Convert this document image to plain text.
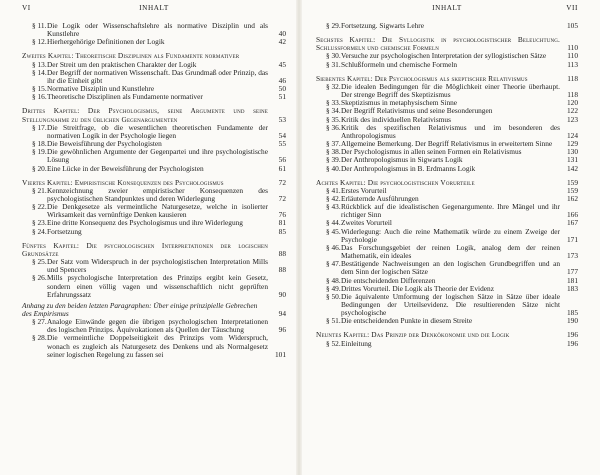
VI	INHALT
§ 11.Die Logik oder Wissenschaftslehre als normative Disziplin und als Kunstlehre	40
§ 12.Hierhergehörige Definitionen der Logik	42
Zweites Kapitel: Theoretische Disziplinen als Fundamente normativer
§ 13.Der Streit um den praktischen Charakter der Logik	45
§ 14.Der Begriff der normativen Wissenschaft. Das Grundmaß oder Prinzip, das ihr die Einheit gibt	46
§ 15.Normative Disziplin und Kunstlehre	50
§ 16.Theoretische Disziplinen als Fundamente normativer	51
Drittes Kapitel: Der Psychologismus, seine Argumente und seine Stellungnahme zu den üblichen Gegenargumenten	53
§ 17.Die Streitfrage, ob die wesentlichen theoretischen Fundamente der normativen Logik in der Psychologie liegen	54
§ 18.Die Beweisführung der Psychologisten	55
§ 19.Die gewöhnlichen Argumente der Gegenpartei und ihre psychologistische Lösung	56
§ 20.Eine Lücke in der Beweisführung der Psychologisten	61
Viertes Kapitel: Empiristische Konsequenzen des Psychologismus	72
§ 21.Kennzeichnung zweier empiristischer Konsequenzen des psychologistischen Standpunktes und deren Widerlegung	72
§ 22.Die Denkgesetze als vermeintliche Naturgesetze, welche in isolierter Wirksamkeit das vernünftige Denken kausieren	76
§ 23.Eine dritte Konsequenz des Psychologismus und ihre Widerlegung	81
§ 24.Fortsetzung	85
Fünftes Kapitel: Die psychologischen Interpretationen der logischen Grundsätze	88
§ 25.Der Satz vom Widerspruch in der psychologistischen Interpretation Mills und Spencers	88
§ 26.Mills psychologische Interpretation des Prinzips ergibt kein Gesetz, sondern einen völlig vagen und wissenschaftlich nicht geprüften Erfahrungssatz	90
Anhang zu den beiden letzten Paragraphen: Über einige prinzipielle Gebrechen des Empirismus	94
§ 27.Analoge Einwände gegen die übrigen psychologischen Interpretationen des logischen Prinzips. Äquivokationen als Quellen der Täuschung	96
§ 28.Die vermeintliche Doppelseitigkeit des Prinzips vom Widerspruch, wonach es zugleich als Naturgesetz des Denkens und als Normalgesetz seiner logischen Regelung zu fassen sei	101
INHALT	VII
§ 29.Fortsetzung. Sigwarts Lehre	105
Sechstes Kapitel: Die Syllogistik in psychologistischer Beleuchtung. Schlussformeln und chemische Formeln	110
§ 30.Versuche zur psychologischen Interpretation der syllogistischen Sätze	110
§ 31.Schlußformeln und chemische Formeln	113
Siebentes Kapitel: Der Psychologismus als skeptischer Relativismus	118
§ 32.Die idealen Bedingungen für die Möglichkeit einer Theorie überhaupt. Der strenge Begriff des Skeptizismus	118
§ 33.Skeptizismus in metaphysischem Sinne	120
§ 34.Der Begriff Relativismus und seine Besonderungen	122
§ 35.Kritik des individuellen Relativismus	123
§ 36.Kritik des spezifischen Relativismus und im besonderen des Anthropologismus	124
§ 37.Allgemeine Bemerkung. Der Begriff Relativismus in erweitertem Sinne	129
§ 38.Der Psychologismus in allen seinen Formen ein Relativismus	130
§ 39.Der Anthropologismus in Sigwarts Logik	131
§ 40.Der Anthropologismus in B. Erdmanns Logik	142
Achtes Kapitel: Die psychologistischen Vorurteile	159
§ 41.Erstes Vorurteil	159
§ 42.Erläuternde Ausführungen	162
§ 43.Rückblick auf die idealistischen Gegenargumente. Ihre Mängel und ihr richtiger Sinn	166
§ 44.Zweites Vorurteil	167
§ 45.Widerlegung: Auch die reine Mathematik würde zu einem Zweige der Psychologie	171
§ 46.Das Forschungsgebiet der reinen Logik, analog dem der reinen Mathematik, ein ideales	173
§ 47.Bestätigende Nachweisungen an den logischen Grundbegriffen und an dem Sinn der logischen Sätze	177
§ 48.Die entscheidenden Differenzen	181
§ 49.Drittes Vorurteil. Die Logik als Theorie der Evidenz	183
§ 50.Die äquivalente Umformung der logischen Sätze in Sätze über ideale Bedingungen der Urteilsevidenz. Die resultierenden Sätze nicht psychologische	185
§ 51.Die entscheidenden Punkte in diesem Streite	190
Neuntes Kapitel: Das Prinzip der Denkökonomie und die Logik	196
§ 52.Einleitung	196
